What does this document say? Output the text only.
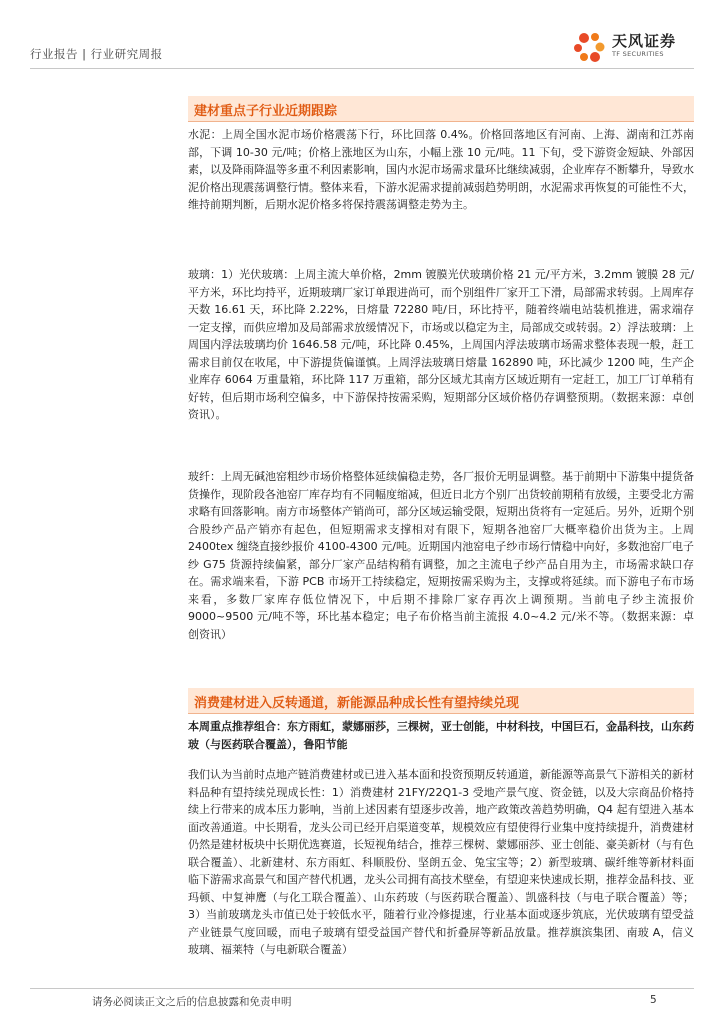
行业报告 | 行业研究周报
天风证券
TF SECURITIES
建材重点子行业近期跟踪

水泥：上周全国水泥市场价格震荡下行，环比回落 0.4%。价格回落地区有河南、上海、湖南和江苏南部，下调 10-30 元/吨；价格上涨地区为山东，小幅上涨 10 元/吨。11 下旬，受下游资金短缺、外部因素，以及降雨降温等多重不利因素影响，国内水泥市场需求量环比继续减弱，企业库存不断攀升，导致水泥价格出现震荡调整行情。整体来看，下游水泥需求提前减弱趋势明朗，水泥需求再恢复的可能性不大，维持前期判断，后期水泥价格多将保持震荡调整走势为主。

玻璃：1）光伏玻璃：上周主流大单价格，2mm 镀膜光伏玻璃价格 21 元/平方米，3.2mm 镀膜 28 元/平方米，环比均持平，近期玻璃厂家订单跟进尚可，而个别组件厂家开工下滑，局部需求转弱。上周库存天数 16.61 天，环比降 2.22%，日熔量 72280 吨/日，环比持平，随着终端电站装机推进，需求端存一定支撑，而供应增加及局部需求放缓情况下，市场或以稳定为主，局部成交或转弱。2）浮法玻璃：上周国内浮法玻璃均价 1646.58 元/吨，环比降 0.45%，上周国内浮法玻璃市场需求整体表现一般，赶工需求目前仅在收尾，中下游提货偏谨慎。上周浮法玻璃日熔量 162890 吨，环比减少 1200 吨，生产企业库存 6064 万重量箱，环比降 117 万重箱，部分区域尤其南方区域近期有一定赶工，加工厂订单稍有好转，但后期市场利空偏多，中下游保持按需采购，短期部分区域价格仍存调整预期。（数据来源：卓创资讯）。

玻纤：上周无碱池窑粗纱市场价格整体延续偏稳走势，各厂报价无明显调整。基于前期中下游集中提货备货操作，现阶段各池窑厂库存均有不同幅度缩减，但近日北方个别厂出货较前期稍有放缓，主要受北方需求略有回落影响。南方市场整体产销尚可，部分区域运输受限，短期出货将有一定延后。另外，近期个别合股纱产品产销亦有起色，但短期需求支撑相对有限下，短期各池窑厂大概率稳价出货为主。上周 2400tex 缠绕直接纱报价 4100-4300 元/吨。近期国内池窑电子纱市场行情稳中向好，多数池窑厂电子纱 G75 货源持续偏紧，部分厂家产品结构稍有调整，加之主流电子纱产品自用为主，市场需求缺口存在。需求端来看，下游 PCB 市场开工持续稳定，短期按需采购为主，支撑或将延续。而下游电子布市场来看，多数厂家库存低位情况下，中后期不排除厂家存再次上调预期。当前电子纱主流报价 9000~9500 元/吨不等，环比基本稳定；电子布价格当前主流报 4.0~4.2 元/米不等。（数据来源：卓创资讯）

消费建材进入反转通道，新能源品种成长性有望持续兑现

本周重点推荐组合：东方雨虹，蒙娜丽莎，三棵树，亚士创能，中材科技，中国巨石，金晶科技，山东药玻（与医药联合覆盖），鲁阳节能

我们认为当前时点地产链消费建材或已进入基本面和投资预期反转通道，新能源等高景气下游相关的新材料品种有望持续兑现成长性：1）消费建材 21FY/22Q1-3 受地产景气度、资金链，以及大宗商品价格持续上行带来的成本压力影响，当前上述因素有望逐步改善，地产政策改善趋势明确，Q4 起有望进入基本面改善通道。中长期看，龙头公司已经开启渠道变革，规模效应有望使得行业集中度持续提升，消费建材仍然是建材板块中长期优选赛道，长短视角结合，推荐三棵树、蒙娜丽莎、亚士创能、豪美新材（与有色联合覆盖）、北新建材、东方雨虹、科顺股份、坚朗五金、兔宝宝等；2）新型玻璃、碳纤维等新材料面临下游需求高景气和国产替代机遇，龙头公司拥有高技术壁垒，有望迎来快速成长期，推荐金晶科技、亚玛顿、中复神鹰（与化工联合覆盖）、山东药玻（与医药联合覆盖）、凯盛科技（与电子联合覆盖）等；3）当前玻璃龙头市值已处于较低水平，随着行业冷修提速，行业基本面或逐步筑底，光伏玻璃有望受益产业链景气度回暖，而电子玻璃有望受益国产替代和折叠屏等新品放量。推荐旗滨集团、南玻 A，信义玻璃、福莱特（与电新联合覆盖）

请务必阅读正文之后的信息披露和免责申明	5
